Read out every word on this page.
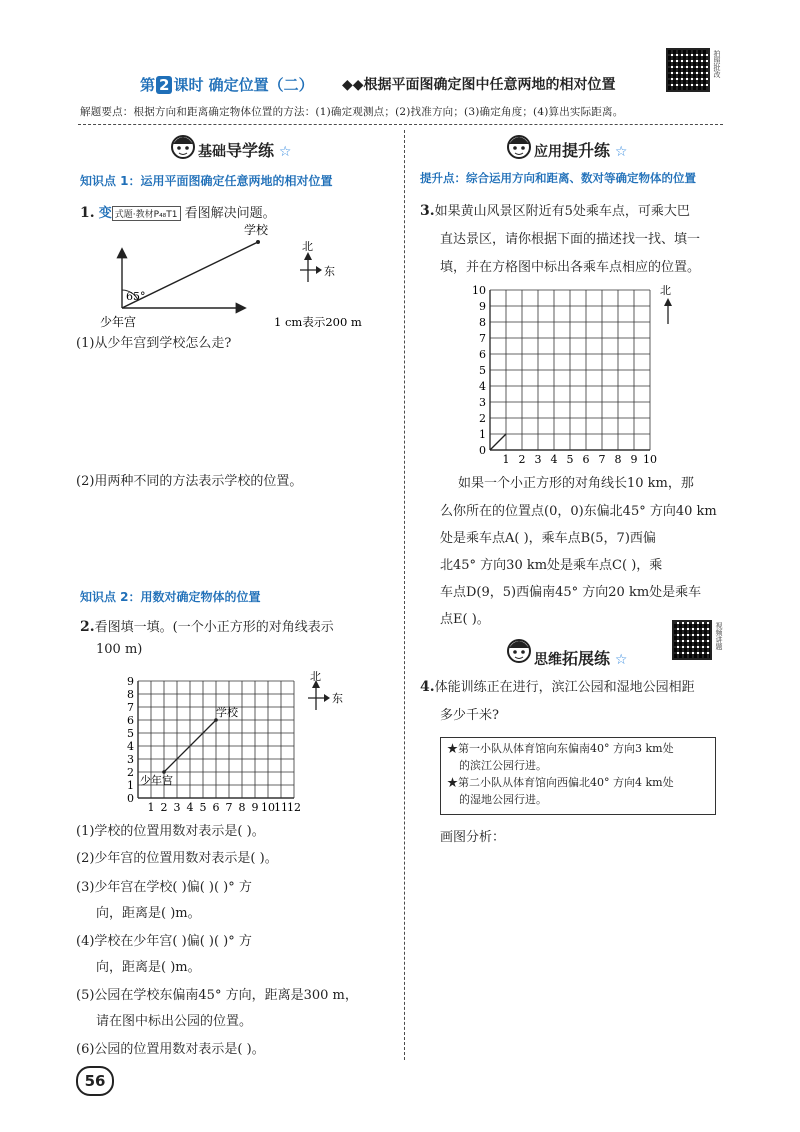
第 2 课时 确定位置（二） ◆◆根据平面图确定图中任意两地的相对位置
拍照批改
解题要点：根据方向和距离确定物体位置的方法：(1)确定观测点；(2)找准方向；(3)确定角度；(4)算出实际距离。
基础导学练 ☆
知识点 1：运用平面图确定任意两地的相对位置
1. 变 式题·教材P₄₈T1 看图解决问题。
65°
学校
少年宫
北
东
1 cm表示200 m
(1)从少年宫到学校怎么走?
(2)用两种不同的方法表示学校的位置。
知识点 2：用数对确定物体的位置
2.看图填一填。(一个小正方形的对角线表示
100 m)
0
1
2
3
4
5
6
7
8
9
1 2 3 4 5 6 7 8 9 10 11 12
学校
少年宫
北
东
(1)学校的位置用数对表示是( )。
(2)少年宫的位置用数对表示是( )。
(3)少年宫在学校( )偏( )( )° 方
向，距离是( )m。
(4)学校在少年宫( )偏( )( )° 方
向，距离是( )m。
(5)公园在学校东偏南45° 方向，距离是300 m，
请在图中标出公园的位置。
(6)公园的位置用数对表示是( )。
56
应用提升练 ☆
提升点：综合运用方向和距离、数对等确定物体的位置
3.如果黄山风景区附近有5处乘车点，可乘大巴
直达景区，请你根据下面的描述找一找、填一
填，并在方格图中标出各乘车点相应的位置。
0
1
2
3
4
5
6
7
8
9
10
1 2 3 4 5 6 7 8 9 10
北
如果一个小正方形的对角线长10 km，那
么你所在的位置点(0，0)东偏北45° 方向40 km
处是乘车点A( )，乘车点B(5，7)西偏
北45° 方向30 km处是乘车点C( )，乘
车点D(9，5)西偏南45° 方向20 km处是乘车
点E( )。
思维拓展练 ☆
视频讲题
4.体能训练正在进行，滨江公园和湿地公园相距
多少千米?
★第一小队从体育馆向东偏南40° 方向3 km处
的滨江公园行进。
★第二小队从体育馆向西偏北40° 方向4 km处
的湿地公园行进。
画图分析：
